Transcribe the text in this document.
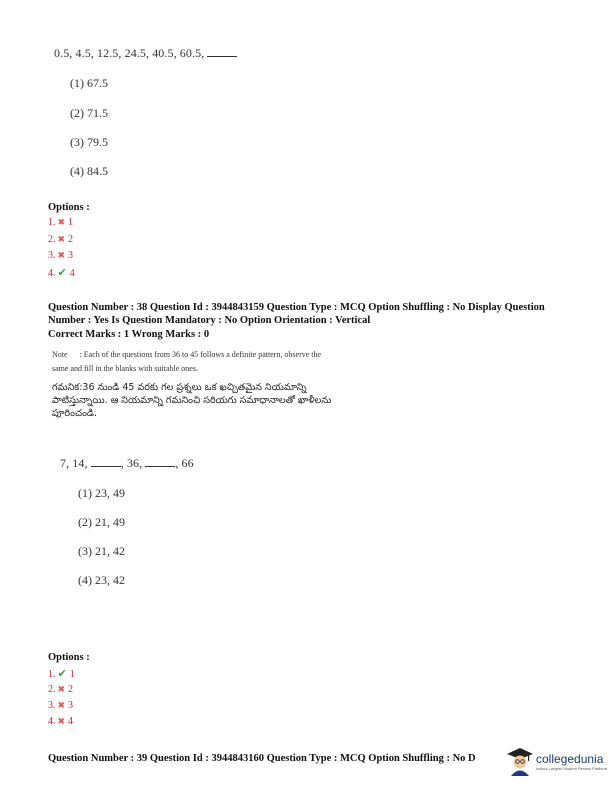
0.5, 4.5, 12.5, 24.5, 40.5, 60.5,
(1) 67.5
(2) 71.5
(3) 79.5
(4) 84.5
Options :
1. ✖ 1
2. ✖ 2
3. ✖ 3
4. ✔ 4
Question Number : 38 Question Id : 3944843159 Question Type : MCQ Option Shuffling : No Display Question
Number : Yes Is Question Mandatory : No Option Orientation : Vertical
Correct Marks : 1 Wrong Marks : 0
Note : Each of the questions from 36 to 45 follows a definite pattern, observe the
same and fill in the blanks with suitable ones.
గమనిక:36 నుండి 45 వరకు గల ప్రశ్నలు ఒక ఖచ్చితమైన నియమాన్ని
పాటిస్తున్నాయి. ఆ నియమాన్ని గమనించి సరియగు సమాధానాలతో ఖాళీలను
పూరించండి.
7, 14,	, 36,	, 66
(1) 23, 49
(2) 21, 49
(3) 21, 42
(4) 23, 42
Options :
1. ✔ 1
2. ✖ 2
3. ✖ 3
4. ✖ 4
Question Number : 39 Question Id : 3944843160 Question Type : MCQ Option Shuffling : No D	collegedunia
India's Largest Student Review Platform
